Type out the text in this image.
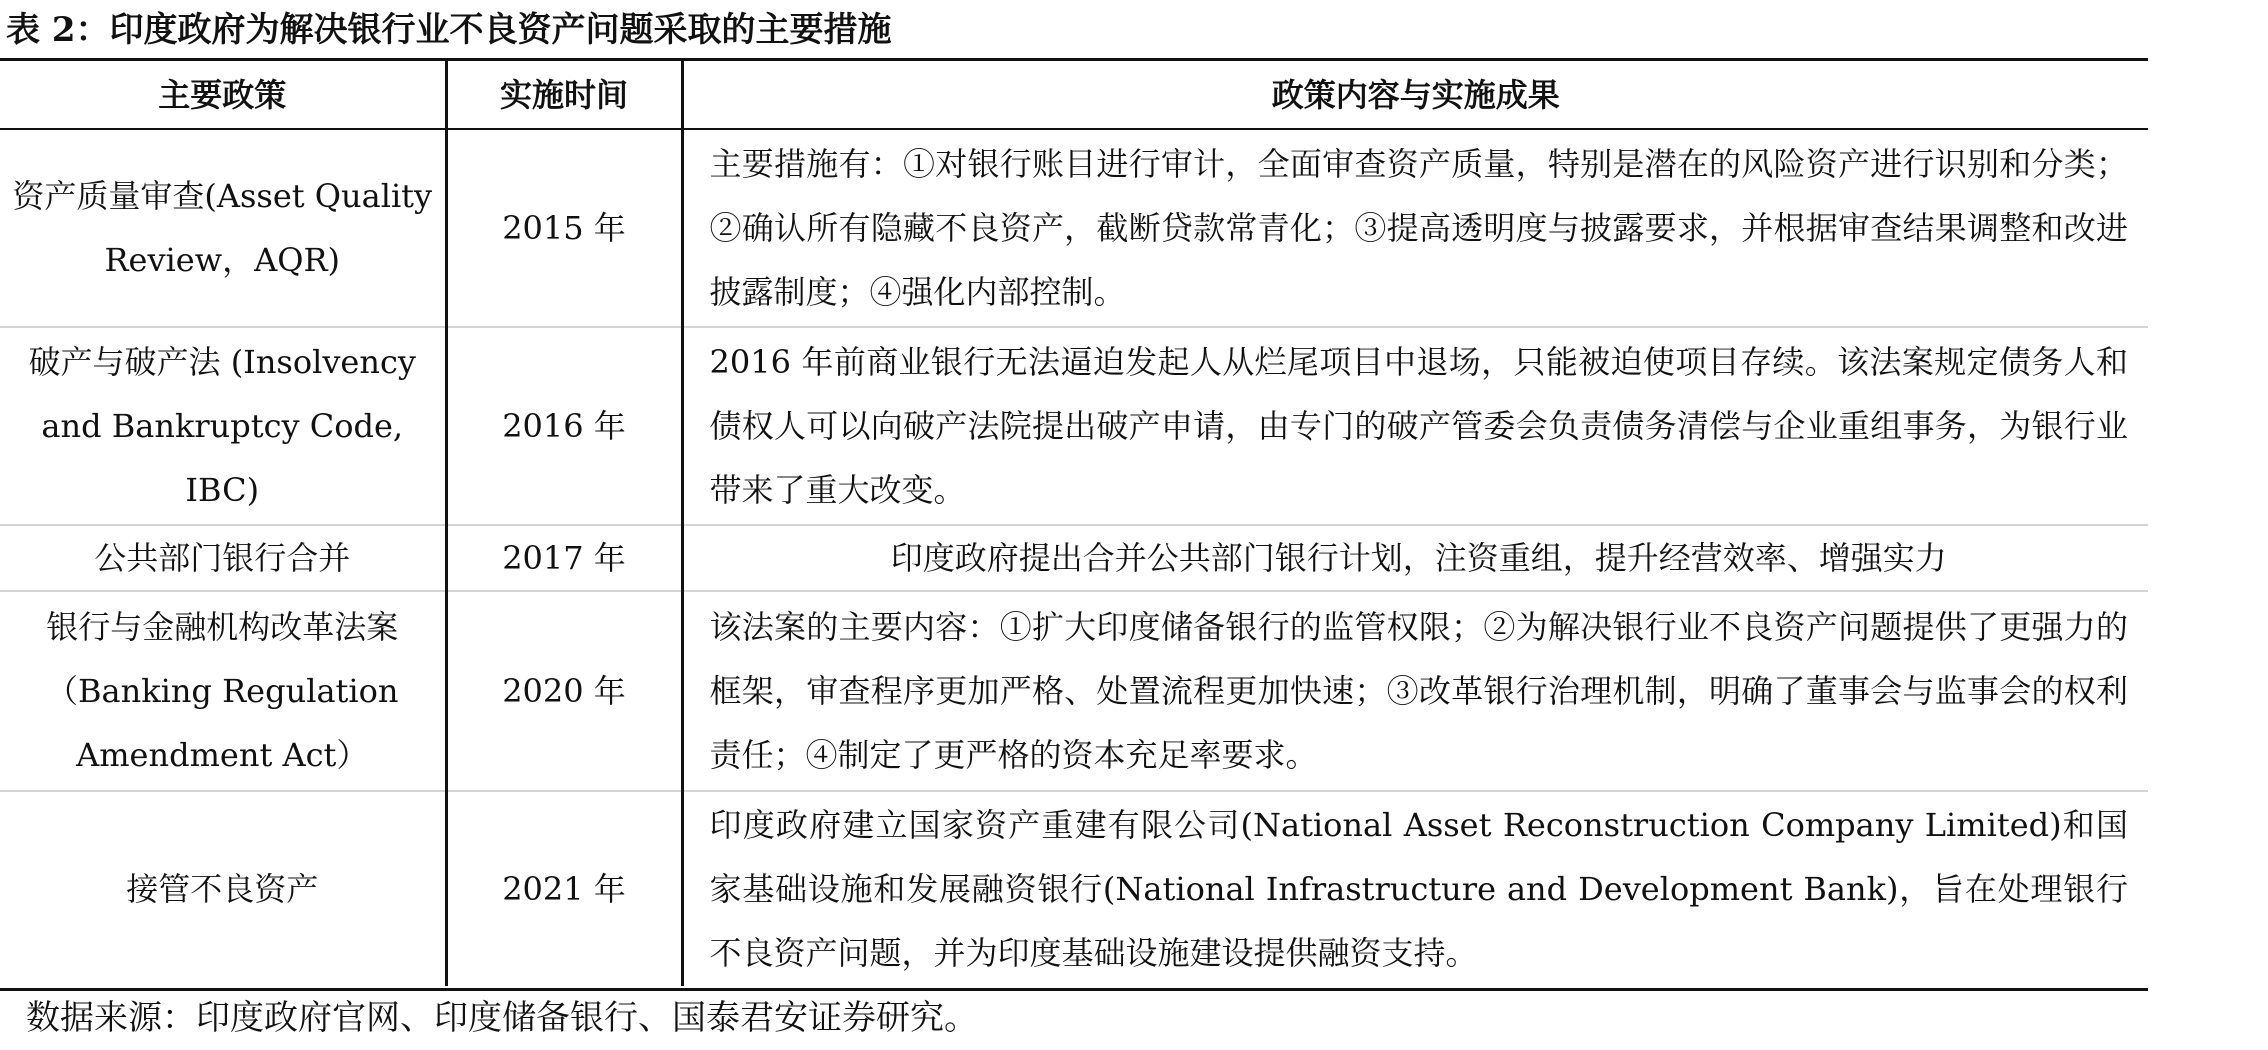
表 2：印度政府为解决银行业不良资产问题采取的主要措施
主要政策	实施时间	政策内容与实施成果
资产质量审查(Asset Quality Review，AQR)	2015 年	主要措施有：①对银行账目进行审计，全面审查资产质量，特别是潜在的风险资产进行识别和分类；②确认所有隐藏不良资产，截断贷款常青化；③提高透明度与披露要求，并根据审查结果调整和改进披露制度；④强化内部控制。

破产与破产法 (Insolvency and Bankruptcy Code, IBC)	2016 年	2016 年前商业银行无法逼迫发起人从烂尾项目中退场，只能被迫使项目存续。该法案规定债务人和债权人可以向破产法院提出破产申请，由专门的破产管委会负责债务清偿与企业重组事务，为银行业带来了重大改变。

公共部门银行合并	2017 年	印度政府提出合并公共部门银行计划，注资重组，提升经营效率、增强实力

银行与金融机构改革法案（Banking Regulation Amendment Act）	2020 年	该法案的主要内容：①扩大印度储备银行的监管权限；②为解决银行业不良资产问题提供了更强力的框架，审查程序更加严格、处置流程更加快速；③改革银行治理机制，明确了董事会与监事会的权利责任；④制定了更严格的资本充足率要求。

接管不良资产	2021 年	印度政府建立国家资产重建有限公司(National Asset Reconstruction Company Limited)和国家基础设施和发展融资银行(National Infrastructure and Development Bank)，旨在处理银行不良资产问题，并为印度基础设施建设提供融资支持。
数据来源：印度政府官网、印度储备银行、国泰君安证券研究。
